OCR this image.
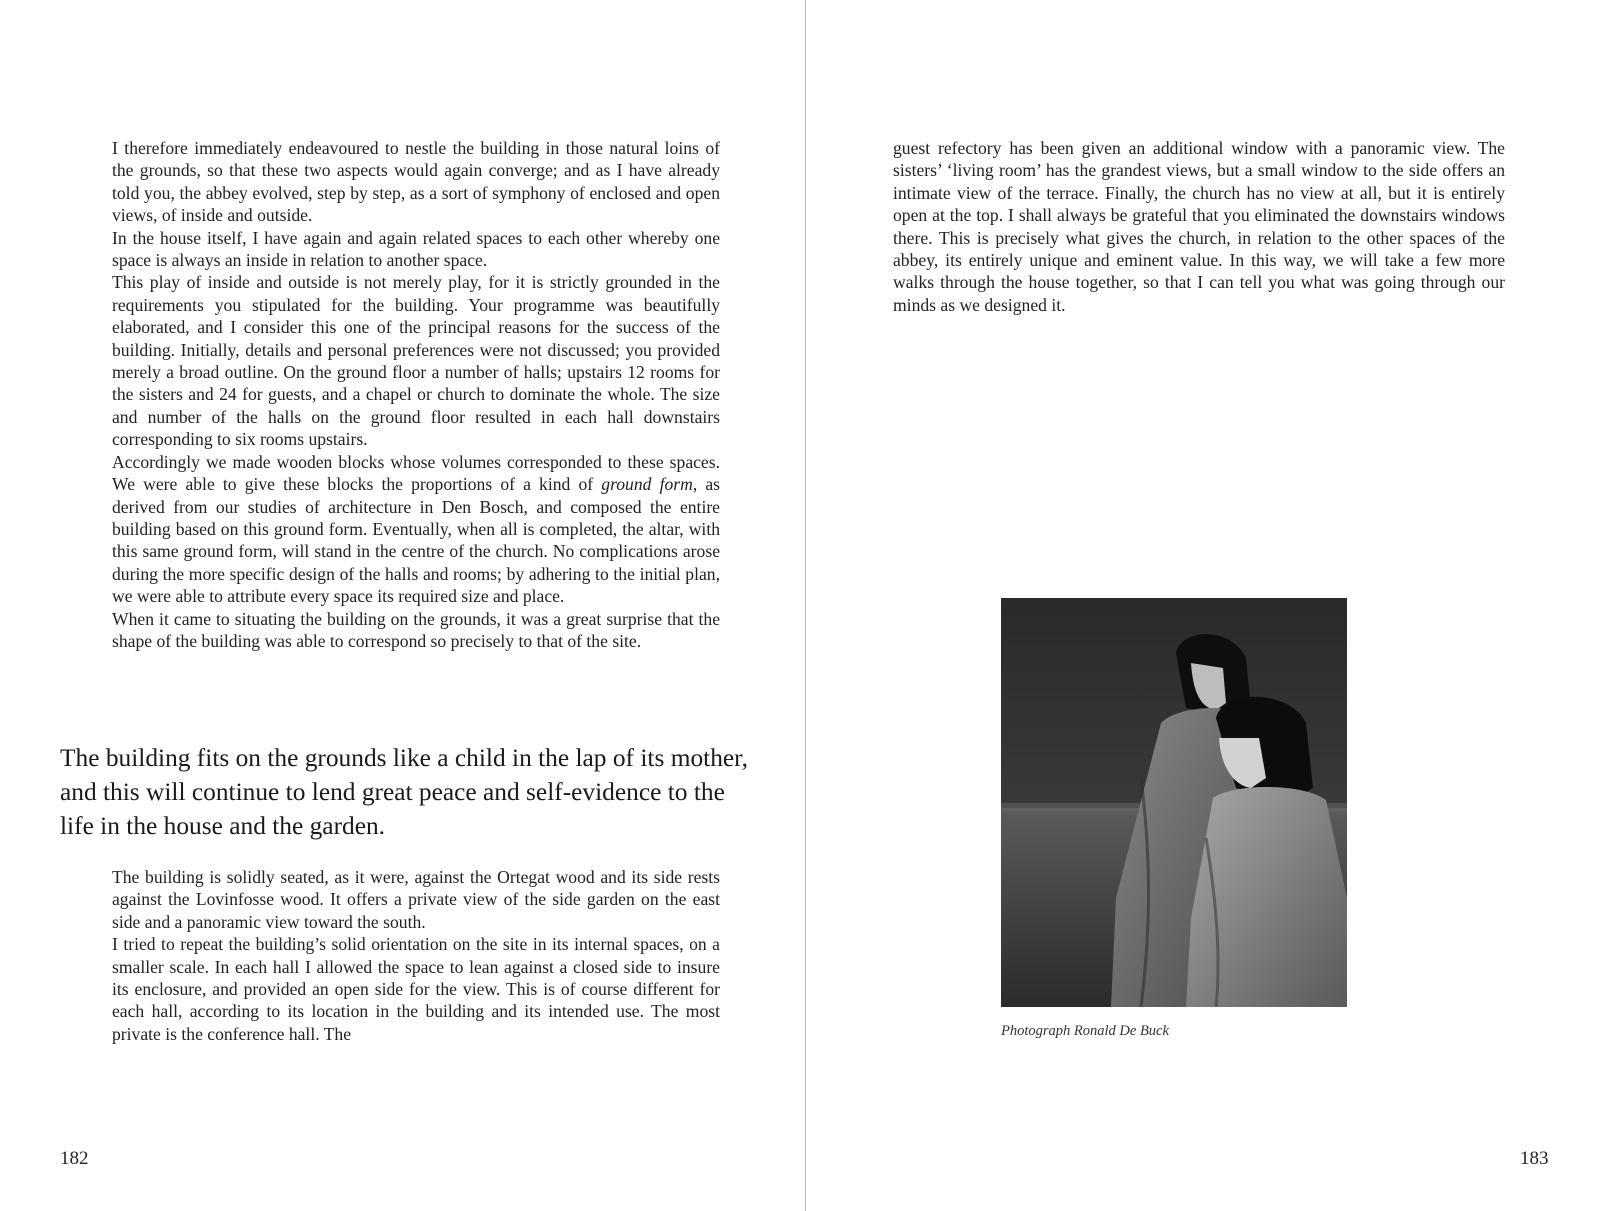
I therefore immediately endeavoured to nestle the building in those natural loins of the grounds, so that these two aspects would again converge; and as I have already told you, the abbey evolved, step by step, as a sort of symphony of enclosed and open views, of inside and outside.

In the house itself, I have again and again related spaces to each other whereby one space is always an inside in relation to another space.

This play of inside and outside is not merely play, for it is strictly grounded in the requirements you stipulated for the building. Your programme was beautifully elaborated, and I consider this one of the principal reasons for the success of the building. Initially, details and personal preferences were not discussed; you provided merely a broad outline. On the ground floor a number of halls; upstairs 12 rooms for the sisters and 24 for guests, and a chapel or church to dominate the whole. The size and number of the halls on the ground floor resulted in each hall downstairs corresponding to six rooms upstairs.

Accordingly we made wooden blocks whose volumes corresponded to these spaces. We were able to give these blocks the proportions of a kind of ground form, as derived from our studies of architecture in Den Bosch, and composed the entire building based on this ground form. Eventually, when all is completed, the altar, with this same ground form, will stand in the centre of the church. No complications arose during the more specific design of the halls and rooms; by adhering to the initial plan, we were able to attribute every space its required size and place.

When it came to situating the building on the grounds, it was a great surprise that the shape of the building was able to correspond so precisely to that of the site.

The building fits on the grounds like a child in the lap of its mother, and this will continue to lend great peace and self-evidence to the life in the house and the garden.

The building is solidly seated, as it were, against the Ortegat wood and its side rests against the Lovinfosse wood. It offers a private view of the side garden on the east side and a panoramic view toward the south.

I tried to repeat the building’s solid orientation on the site in its internal spaces, on a smaller scale. In each hall I allowed the space to lean against a closed side to insure its enclosure, and provided an open side for the view. This is of course different for each hall, according to its location in the building and its intended use. The most private is the conference hall. The

182

guest refectory has been given an additional window with a panoramic view. The sisters’ ‘living room’ has the grandest views, but a small window to the side offers an intimate view of the terrace. Finally, the church has no view at all, but it is entirely open at the top. I shall always be grateful that you eliminated the downstairs windows there. This is precisely what gives the church, in relation to the other spaces of the abbey, its entirely unique and eminent value. In this way, we will take a few more walks through the house together, so that I can tell you what was going through our minds as we designed it.

Photograph Ronald De Buck
183
